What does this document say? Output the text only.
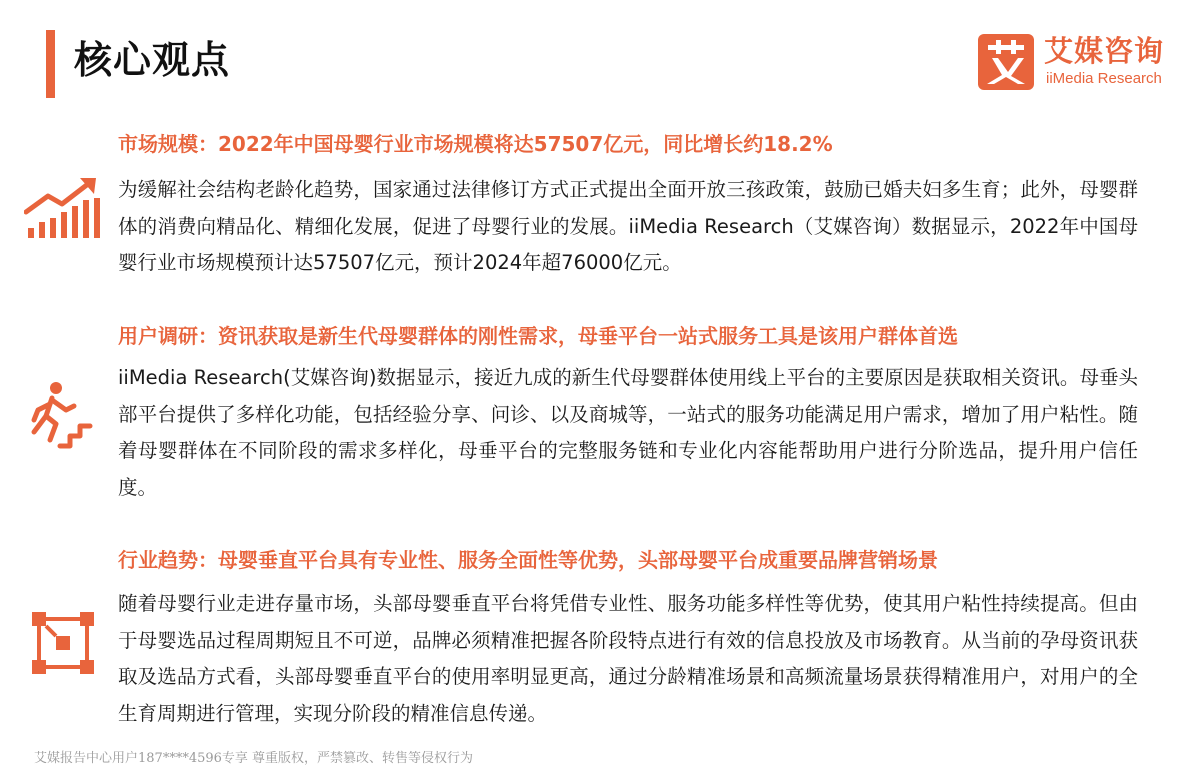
核心观点	艾媒咨询
iiMedia Research
市场规模：2022年中国母婴行业市场规模将达57507亿元，同比增长约18.2%
为缓解社会结构老龄化趋势，国家通过法律修订方式正式提出全面开放三孩政策，鼓励已婚夫妇多生育；此外，母婴群体的消费向精品化、精细化发展，促进了母婴行业的发展。iiMedia Research（艾媒咨询）数据显示，2022年中国母婴行业市场规模预计达57507亿元，预计2024年超76000亿元。
用户调研：资讯获取是新生代母婴群体的刚性需求，母垂平台一站式服务工具是该用户群体首选
iiMedia Research(艾媒咨询)数据显示，接近九成的新生代母婴群体使用线上平台的主要原因是获取相关资讯。母垂头部平台提供了多样化功能，包括经验分享、问诊、以及商城等，一站式的服务功能满足用户需求，增加了用户粘性。随着母婴群体在不同阶段的需求多样化，母垂平台的完整服务链和专业化内容能帮助用户进行分阶选品，提升用户信任度。
行业趋势：母婴垂直平台具有专业性、服务全面性等优势，头部母婴平台成重要品牌营销场景
随着母婴行业走进存量市场，头部母婴垂直平台将凭借专业性、服务功能多样性等优势，使其用户粘性持续提高。但由于母婴选品过程周期短且不可逆，品牌必须精准把握各阶段特点进行有效的信息投放及市场教育。从当前的孕母资讯获取及选品方式看，头部母婴垂直平台的使用率明显更高，通过分龄精准场景和高频流量场景获得精准用户，对用户的全生育周期进行管理，实现分阶段的精准信息传递。
艾媒报告中心用户187****4596专享 尊重版权，严禁篡改、转售等侵权行为
